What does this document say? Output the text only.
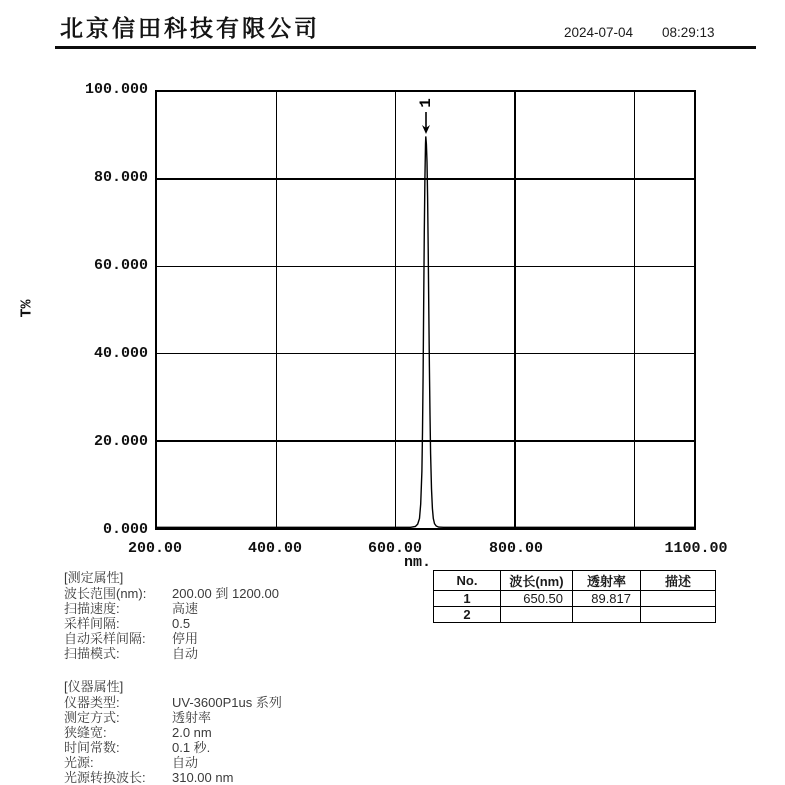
北京信田科技有限公司	2024-07-04 08:29:13
T%
100.000
80.000
60.000
40.000
20.000
0.000
200.00	400.00	600.00	800.00	1100.00
nm.
1
No.	波长(nm)	透射率	描述
1	650.50	89.817	
2			
[测定属性]
波长范围(nm):	200.00 到 1200.00
扫描速度:	高速
采样间隔:	0.5
自动采样间隔:	停用
扫描模式:	自动
[仪器属性]
仪器类型:	UV-3600P1us 系列
测定方式:	透射率
狭缝宽:	2.0 nm
时间常数:	0.1 秒.
光源:	自动
光源转换波长:	310.00 nm
